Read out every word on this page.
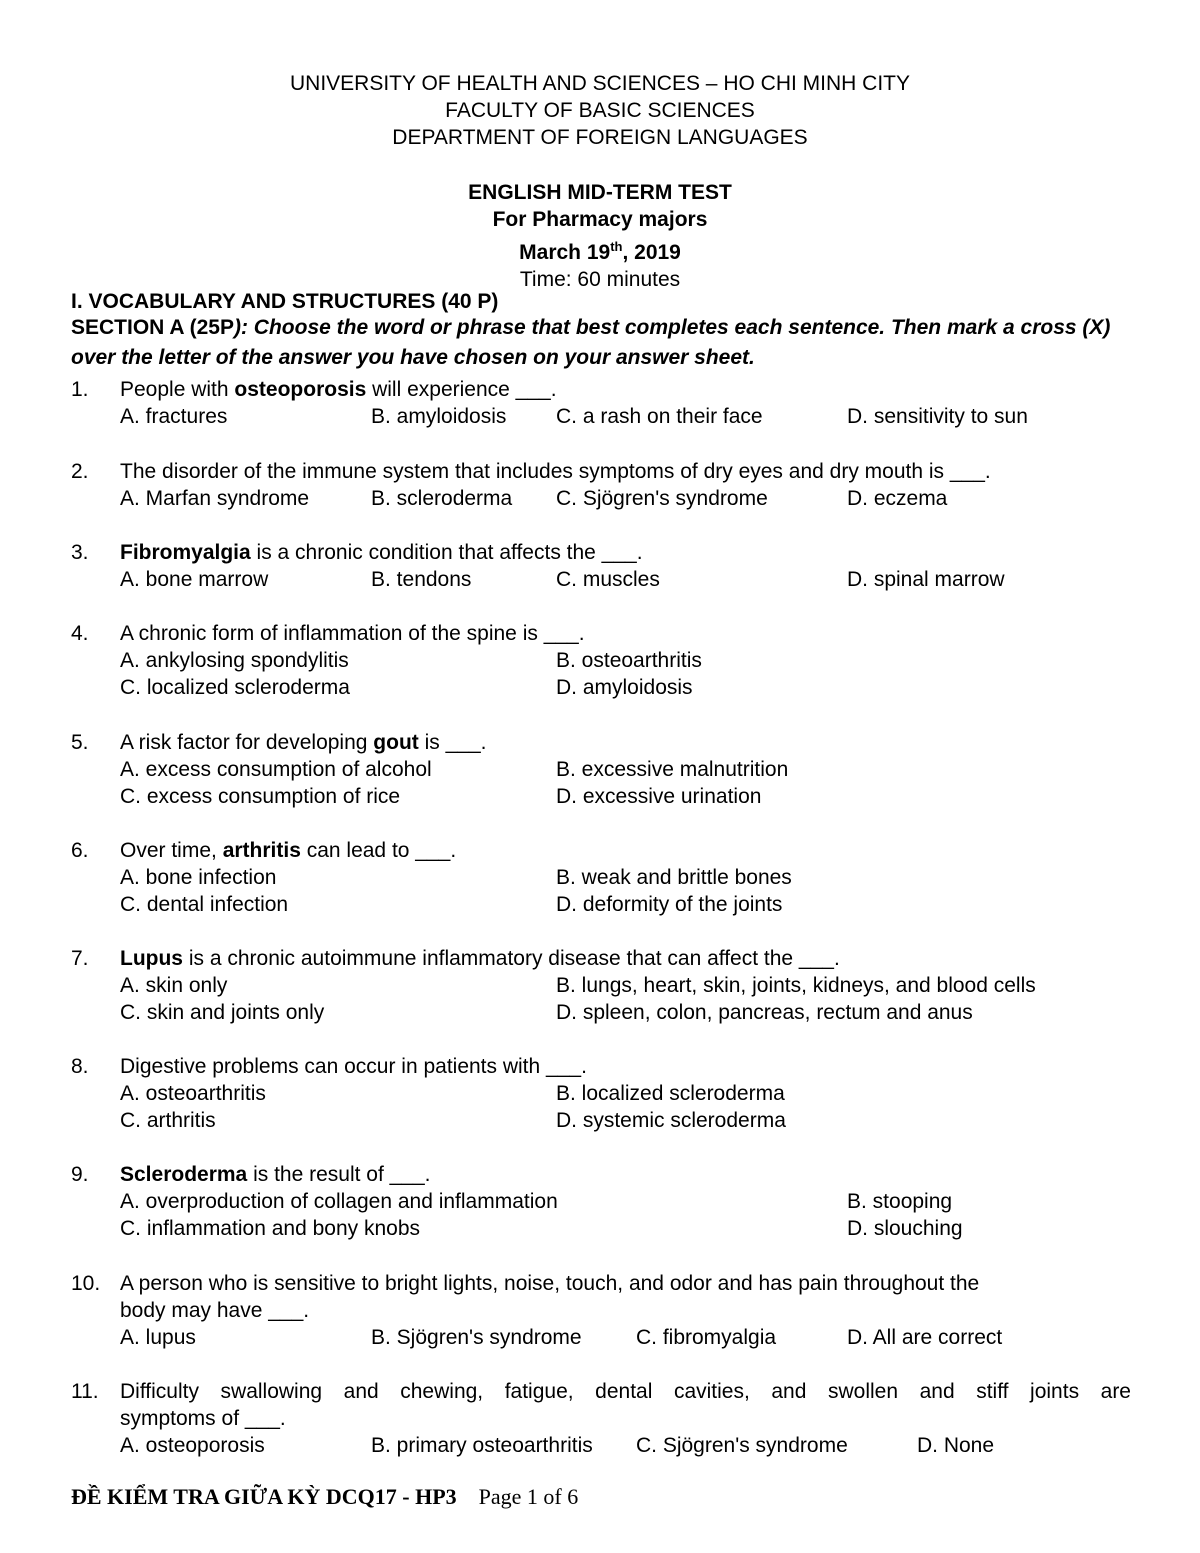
UNIVERSITY OF HEALTH AND SCIENCES – HO CHI MINH CITY
FACULTY OF BASIC SCIENCES
DEPARTMENT OF FOREIGN LANGUAGES
ENGLISH MID-TERM TEST
For Pharmacy majors
March 19th, 2019
Time: 60 minutes
I. VOCABULARY AND STRUCTURES (40 P)
SECTION A (25P): Choose the word or phrase that best completes each sentence. Then mark a cross (X) over the letter of the answer you have chosen on your answer sheet.
1. People with osteoporosis will experience ___.
A. fractures	B. amyloidosis C. a rash on their face	D. sensitivity to sun
2. The disorder of the immune system that includes symptoms of dry eyes and dry mouth is ___.
A. Marfan syndrome	B. scleroderma C. Sjögren's syndrome	D. eczema
3. Fibromyalgia is a chronic condition that affects the ___.
A. bone marrow	B. tendons	C. muscles	D. spinal marrow
4. A chronic form of inflammation of the spine is ___.
A. ankylosing spondylitis	B. osteoarthritis
C. localized scleroderma	D. amyloidosis
5. A risk factor for developing gout is ___.
A. excess consumption of alcohol	B. excessive malnutrition
C. excess consumption of rice	D. excessive urination
6. Over time, arthritis can lead to ___.
A. bone infection	B. weak and brittle bones
C. dental infection	D. deformity of the joints
7. Lupus is a chronic autoimmune inflammatory disease that can affect the ___.
A. skin only	B. lungs, heart, skin, joints, kidneys, and blood cells
C. skin and joints only	D. spleen, colon, pancreas, rectum and anus
8. Digestive problems can occur in patients with ___.
A. osteoarthritis	B. localized scleroderma
C. arthritis	D. systemic scleroderma
9. Scleroderma is the result of ___.
A. overproduction of collagen and inflammation	B. stooping
C. inflammation and bony knobs	D. slouching
10. A person who is sensitive to bright lights, noise, touch, and odor and has pain throughout the
body may have ___.
A. lupus	B. Sjögren's syndrome	C. fibromyalgia	D. All are correct
11. Difficulty swallowing and chewing, fatigue, dental cavities, and swollen and stiff joints are
symptoms of ___.
A. osteoporosis	B. primary osteoarthritis C. Sjögren's syndrome	D. None
ĐỀ KIỂM TRA GIỮA KỲ DCQ17 - HP3 Page 1 of 6
